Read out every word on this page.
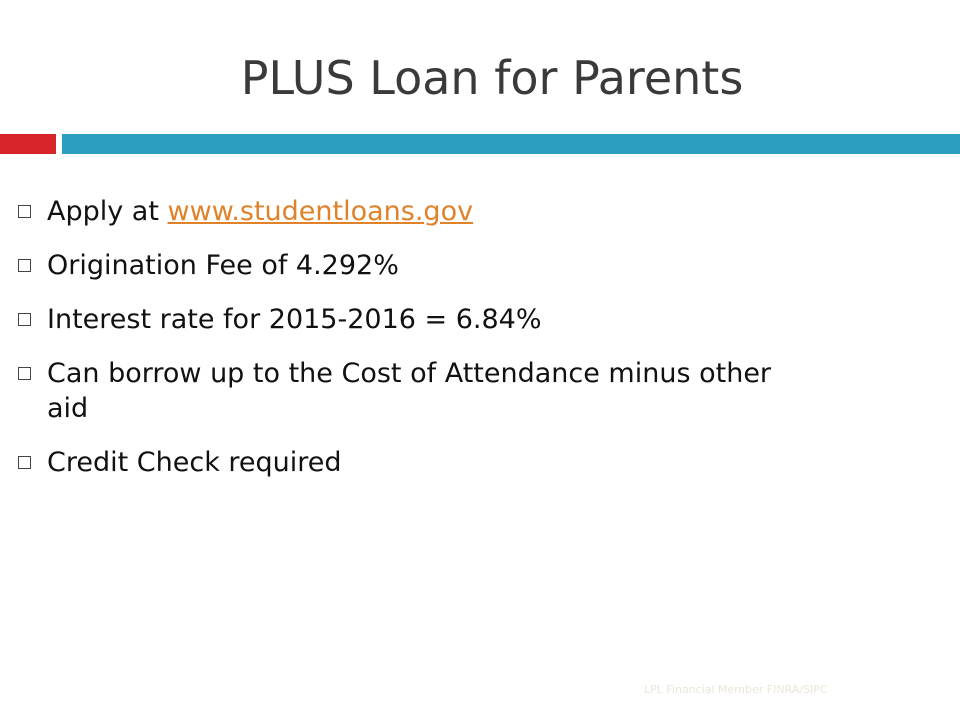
PLUS Loan for Parents
Apply at www.studentloans.gov
Origination Fee of 4.292%
Interest rate for 2015-2016 = 6.84%
Can borrow up to the Cost of Attendance minus other aid
Credit Check required
LPL Financial Member FINRA/SIPC
